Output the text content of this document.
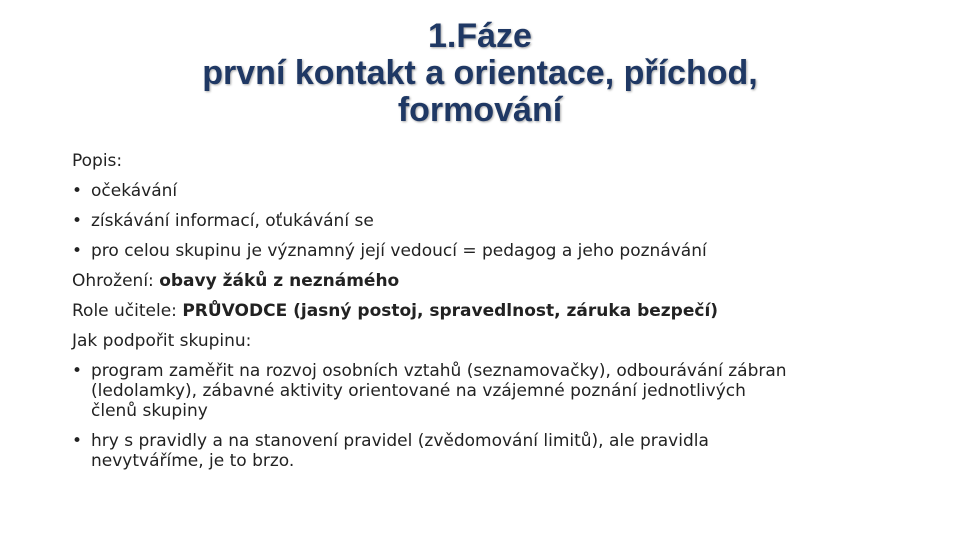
1.Fáze
první kontakt a orientace, příchod,
formování
Popis:
• očekávání
• získávání informací, oťukávání se
• pro celou skupinu je významný její vedoucí = pedagog a jeho poznávání
Ohrožení: obavy žáků z neznámého
Role učitele: PRŮVODCE (jasný postoj, spravedlnost, záruka bezpečí)
Jak podpořit skupinu:
• program zaměřit na rozvoj osobních vztahů (seznamovačky), odbourávání zábran
(ledolamky), zábavné aktivity orientované na vzájemné poznání jednotlivých
členů skupiny
• hry s pravidly a na stanovení pravidel (zvědomování limitů), ale pravidla
nevytváříme, je to brzo.
